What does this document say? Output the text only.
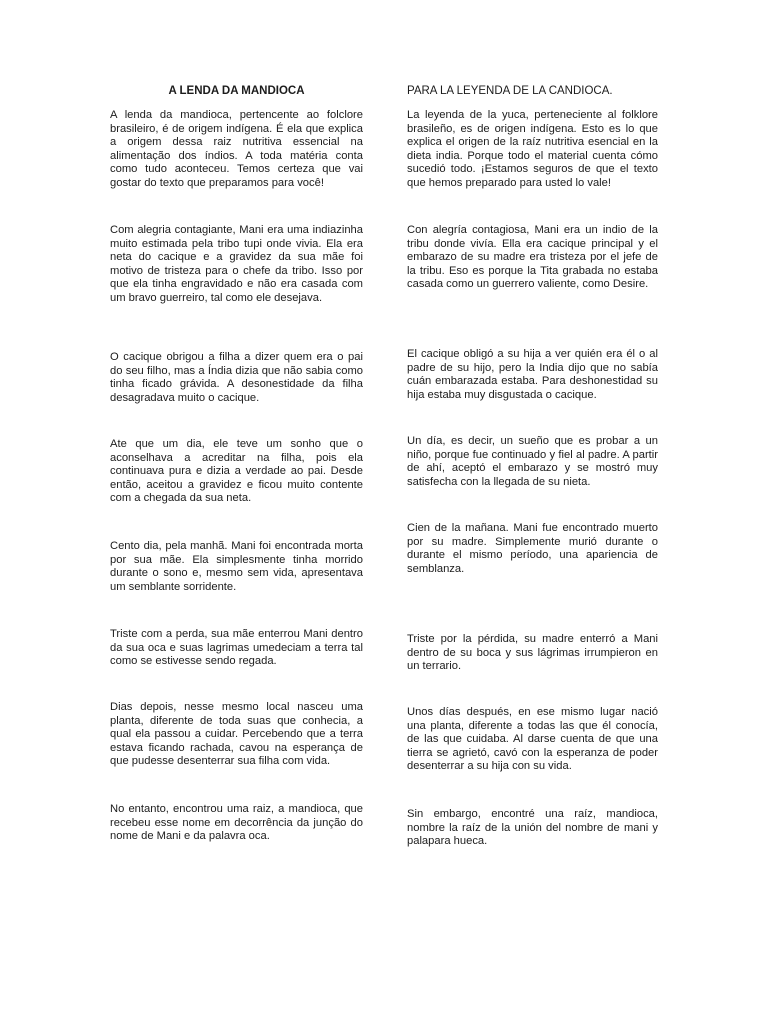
A LENDA DA MANDIOCA

A lenda da mandioca, pertencente ao folclore brasileiro, é de origem indígena. É ela que explica a origem dessa raiz nutritiva essencial na alimentação dos índios. A toda matéria conta como tudo aconteceu. Temos certeza que vai gostar do texto que preparamos para você!

Com alegria contagiante, Mani era uma indiazinha muito estimada pela tribo tupi onde vivia. Ela era neta do cacique e a gravidez da sua mãe foi motivo de tristeza para o chefe da tribo. Isso por que ela tinha engravidado e não era casada com um bravo guerreiro, tal como ele desejava.

O cacique obrigou a filha a dizer quem era o pai do seu filho, mas a Índia dizia que não sabia como tinha ficado grávida. A desonestidade da filha desagradava muito o cacique.

Ate que um dia, ele teve um sonho que o aconselhava a acreditar na filha, pois ela continuava pura e dizia a verdade ao pai. Desde então, aceitou a gravidez e ficou muito contente com a chegada da sua neta.

Cento dia, pela manhã. Mani foi encontrada morta por sua mãe. Ela simplesmente tinha morrido durante o sono e, mesmo sem vida, apresentava um semblante sorridente.

Triste com a perda, sua mãe enterrou Mani dentro da sua oca e suas lagrimas umedeciam a terra tal como se estivesse sendo regada.

Dias depois, nesse mesmo local nasceu uma planta, diferente de toda suas que conhecia, a qual ela passou a cuidar. Percebendo que a terra estava ficando rachada, cavou na esperança de que pudesse desenterrar sua filha com vida.

No entanto, encontrou uma raiz, a mandioca, que recebeu esse nome em decorrência da junção do nome de Mani e da palavra oca.

PARA LA LEYENDA DE LA CANDIOCA.

La leyenda de la yuca, perteneciente al folklore brasileño, es de origen indígena. Esto es lo que explica el origen de la raíz nutritiva esencial en la dieta india. Porque todo el material cuenta cómo sucedió todo. ¡Estamos seguros de que el texto que hemos preparado para usted lo vale!

Con alegría contagiosa, Mani era un indio de la tribu donde vivía. Ella era cacique principal y el embarazo de su madre era tristeza por el jefe de la tribu. Eso es porque la Tita grabada no estaba casada como un guerrero valiente, como Desire.

El cacique obligó a su hija a ver quién era él o al padre de su hijo, pero la India dijo que no sabía cuán embarazada estaba. Para deshonestidad su hija estaba muy disgustada o cacique.

Un día, es decir, un sueño que es probar a un niño, porque fue continuado y fiel al padre. A partir de ahí, aceptó el embarazo y se mostró muy satisfecha con la llegada de su nieta.

Cien de la mañana. Mani fue encontrado muerto por su madre. Simplemente murió durante o durante el mismo período, una apariencia de semblanza.

Triste por la pérdida, su madre enterró a Mani dentro de su boca y sus lágrimas irrumpieron en un terrario.

Unos días después, en ese mismo lugar nació una planta, diferente a todas las que él conocía, de las que cuidaba. Al darse cuenta de que una tierra se agrietó, cavó con la esperanza de poder desenterrar a su hija con su vida.

Sin embargo, encontré una raíz, mandioca, nombre la raíz de la unión del nombre de mani y palapara hueca.
